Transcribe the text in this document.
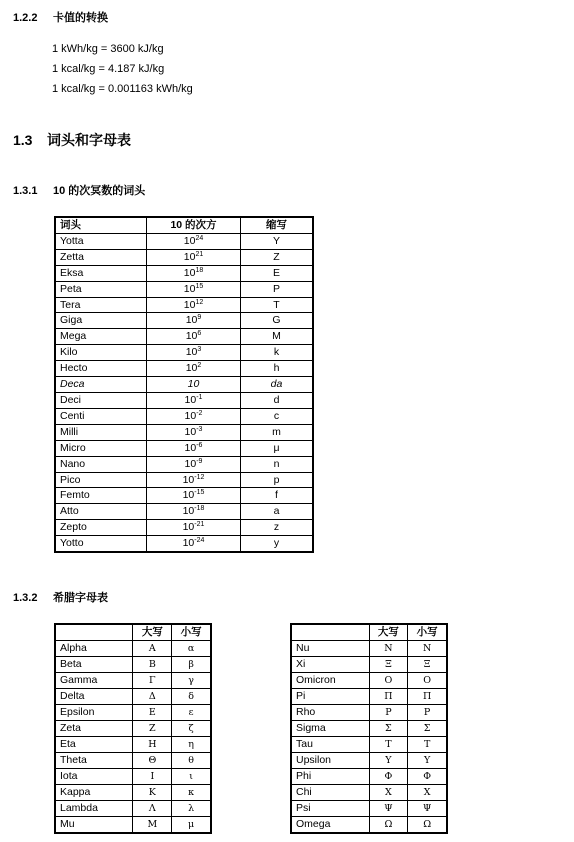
1.2.2 卡值的转换
1 kWh/kg = 3600 kJ/kg
1 kcal/kg = 4.187 kJ/kg
1 kcal/kg = 0.001163 kWh/kg
1.3 词头和字母表
1.3.1 10 的次冥数的词头
词头	10 的次方	缩写
Yotta	$10^{24}$	Y
Zetta	$10^{21}$	Z
Eksa	$10^{18}$	E
Peta	$10^{15}$	P
Tera	$10^{12}$	T
Giga	$10^9$	G
Mega	$10^6$	M
Kilo	$10^3$	k
Hecto	$10^2$	h
Deca	10	da
Deci	$10^{-1}$	d
Centi	$10^{-2}$	c
Milli	$10^{-3}$	m
Micro	$10^{-6}$	μ
Nano	$10^{-9}$	n
Pico	$10^{-12}$	p
Femto	$10^{-15}$	f
Atto	$10^{-18}$	a
Zepto	$10^{-21}$	z
Yotto	$10^{-24}$	y
1.3.2 希腊字母表
	大写	小写
Alpha	Α	α
Beta	Β	β
Gamma	Γ	γ
Delta	Δ	δ
Epsilon	Ε	ε
Zeta	Ζ	ζ
Eta	Η	η
Theta	Θ	θ
Iota	Ι	ι
Kappa	Κ	κ
Lambda	Λ	λ
Mu	Μ	μ
	大写	小写
Nu	Ν	Ν
Xi	Ξ	Ξ
Omicron	Ο	Ο
Pi	Π	Π
Rho	Ρ	Ρ
Sigma	Σ	Σ
Tau	Τ	Τ
Upsilon	Υ	Υ
Phi	Φ	Φ
Chi	Χ	Χ
Psi	Ψ	Ψ
Omega	Ω	Ω
